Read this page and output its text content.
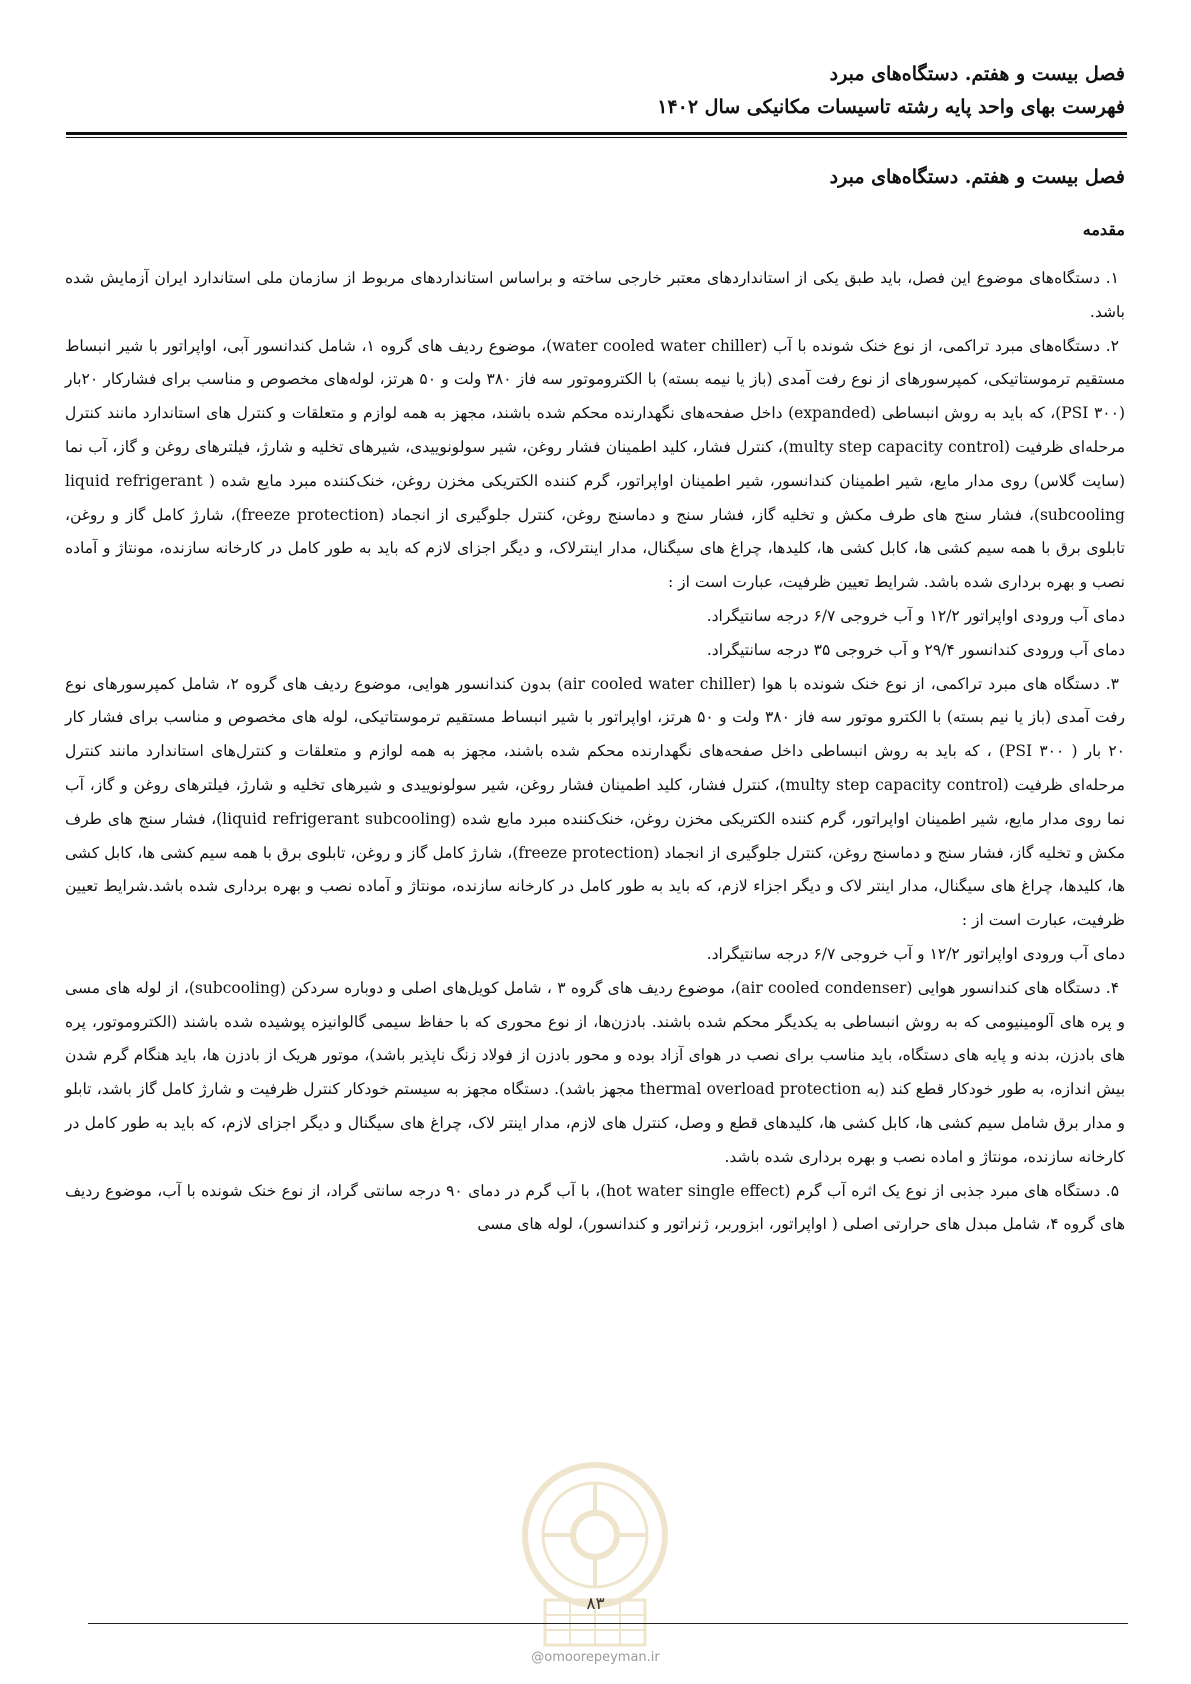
فصل بیست و هفتم. دستگاه‌های مبرد
فهرست بهای واحد پایه رشته تاسیسات مکانیکی سال ۱۴۰۲
فصل بیست و هفتم. دستگاه‌های مبرد
مقدمه

۱. دستگاه‌های موضوع این فصل، باید طبق یکی از استانداردهای معتبر خارجی ساخته و براساس استانداردهای مربوط از سازمان ملی استاندارد ایران آزمایش شده باشد.

۲. دستگاه‌های مبرد تراکمی، از نوع خنک شونده با آب (water cooled water chiller)، موضوع ردیف های گروه ۱، شامل کندانسور آبی، اواپراتور با شیر انبساط مستقیم ترموستاتیکی، کمپرسورهای از نوع رفت آمدی (باز یا نیمه بسته) با الکتروموتور سه فاز ۳۸۰ ولت و ۵۰ هرتز، لوله‌های مخصوص و مناسب برای فشارکار ۲۰بار (۳۰۰ PSI)، که باید به روش انبساطی (expanded) داخل صفحه‌های نگهدارنده محکم شده باشند، مجهز به همه لوازم و متعلقات و کنترل های استاندارد مانند کنترل مرحله‌ای ظرفیت (multy step capacity control)، کنترل فشار، کلید اطمینان فشار روغن، شیر سولونوییدی، شیرهای تخلیه و شارژ، فیلترهای روغن و گاز، آب نما (سایت گلاس) روی مدار مایع، شیر اطمینان کندانسور، شیر اطمینان اواپراتور، گرم کننده الکتریکی مخزن روغن، خنک‌کننده مبرد مایع شده ( liquid refrigerant subcooling)، فشار سنج های طرف مکش و تخلیه گاز، فشار سنج و دماسنج روغن، کنترل جلوگیری از انجماد (freeze protection)، شارژ کامل گاز و روغن، تابلوی برق با همه سیم کشی ها، کابل کشی ها، کلیدها، چراغ های سیگنال، مدار اینترلاک، و دیگر اجزای لازم که باید به طور کامل در کارخانه سازنده، مونتاژ و آماده نصب و بهره برداری شده باشد. شرایط تعیین ظرفیت، عبارت است از :

دمای آب ورودی اواپراتور ۱۲/۲ و آب خروجی ۶/۷ درجه سانتیگراد.

دمای آب ورودی کندانسور ۲۹/۴ و آب خروجی ۳۵ درجه سانتیگراد.

۳. دستگاه های مبرد تراکمی، از نوع خنک شونده با هوا (air cooled water chiller) بدون کندانسور هوایی، موضوع ردیف های گروه ۲، شامل کمپرسورهای نوع رفت آمدی (باز یا نیم بسته) با الکترو موتور سه فاز ۳۸۰ ولت و ۵۰ هرتز، اواپراتور با شیر انبساط مستقیم ترموستاتیکی، لوله های مخصوص و مناسب برای فشار کار ۲۰ بار ( ۳۰۰ PSI) ، که باید به روش انبساطی داخل صفحه‌های نگهدارنده محکم شده باشند، مجهز به همه لوازم و متعلقات و کنترل‌های استاندارد مانند کنترل مرحله‌ای ظرفیت (multy step capacity control)، کنترل فشار، کلید اطمینان فشار روغن، شیر سولونوییدی و شیرهای تخلیه و شارژ، فیلترهای روغن و گاز، آب نما روی مدار مایع، شیر اطمینان اواپراتور، گرم کننده الکتریکی مخزن روغن، خنک‌کننده مبرد مایع شده (liquid refrigerant subcooling)، فشار سنج های طرف مکش و تخلیه گاز، فشار سنج و دماسنج روغن، کنترل جلوگیری از انجماد (freeze protection)، شارژ کامل گاز و روغن، تابلوی برق با همه سیم کشی ها، کابل کشی ها، کلیدها، چراغ های سیگنال، مدار اینتر لاک و دیگر اجزاء لازم، که باید به طور کامل در کارخانه سازنده، مونتاژ و آماده نصب و بهره برداری شده باشد.شرایط تعیین ظرفیت، عبارت است از :

دمای آب ورودی اواپراتور ۱۲/۲ و آب خروجی ۶/۷ درجه سانتیگراد.

۴. دستگاه های کندانسور هوایی (air cooled condenser)، موضوع ردیف های گروه ۳ ، شامل کویل‌های اصلی و دوباره سردکن (subcooling)، از لوله های مسی و پره های آلومینیومی که به روش انبساطی به یکدیگر محکم شده باشند. بادزن‌ها، از نوع محوری که با حفاظ سیمی گالوانیزه پوشیده شده باشند (الکتروموتور، پره های بادزن، بدنه و پایه های دستگاه، باید مناسب برای نصب در هوای آزاد بوده و محور بادزن از فولاد زنگ ناپذیر باشد)، موتور هریک از بادزن ها، باید هنگام گرم شدن بیش اندازه، به طور خودکار قطع کند (به thermal overload protection مجهز باشد). دستگاه مجهز به سیستم خودکار کنترل ظرفیت و شارژ کامل گاز باشد، تابلو و مدار برق شامل سیم کشی ها، کابل کشی ها، کلیدهای قطع و وصل، کنترل های لازم، مدار اینتر لاک، چراغ های سیگنال و دیگر اجزای لازم، که باید به طور کامل در کارخانه سازنده، مونتاژ و اماده نصب و بهره برداری شده باشد.

۵. دستگاه های مبرد جذبی از نوع یک اثره آب گرم (hot water single effect)، با آب گرم در دمای ۹۰ درجه سانتی گراد، از نوع خنک شونده با آب، موضوع ردیف های گروه ۴، شامل مبدل های حرارتی اصلی ( اواپراتور، ابزوربر، ژنراتور و کندانسور)، لوله های مسی

۸۳
@omoorepeyman.ir
